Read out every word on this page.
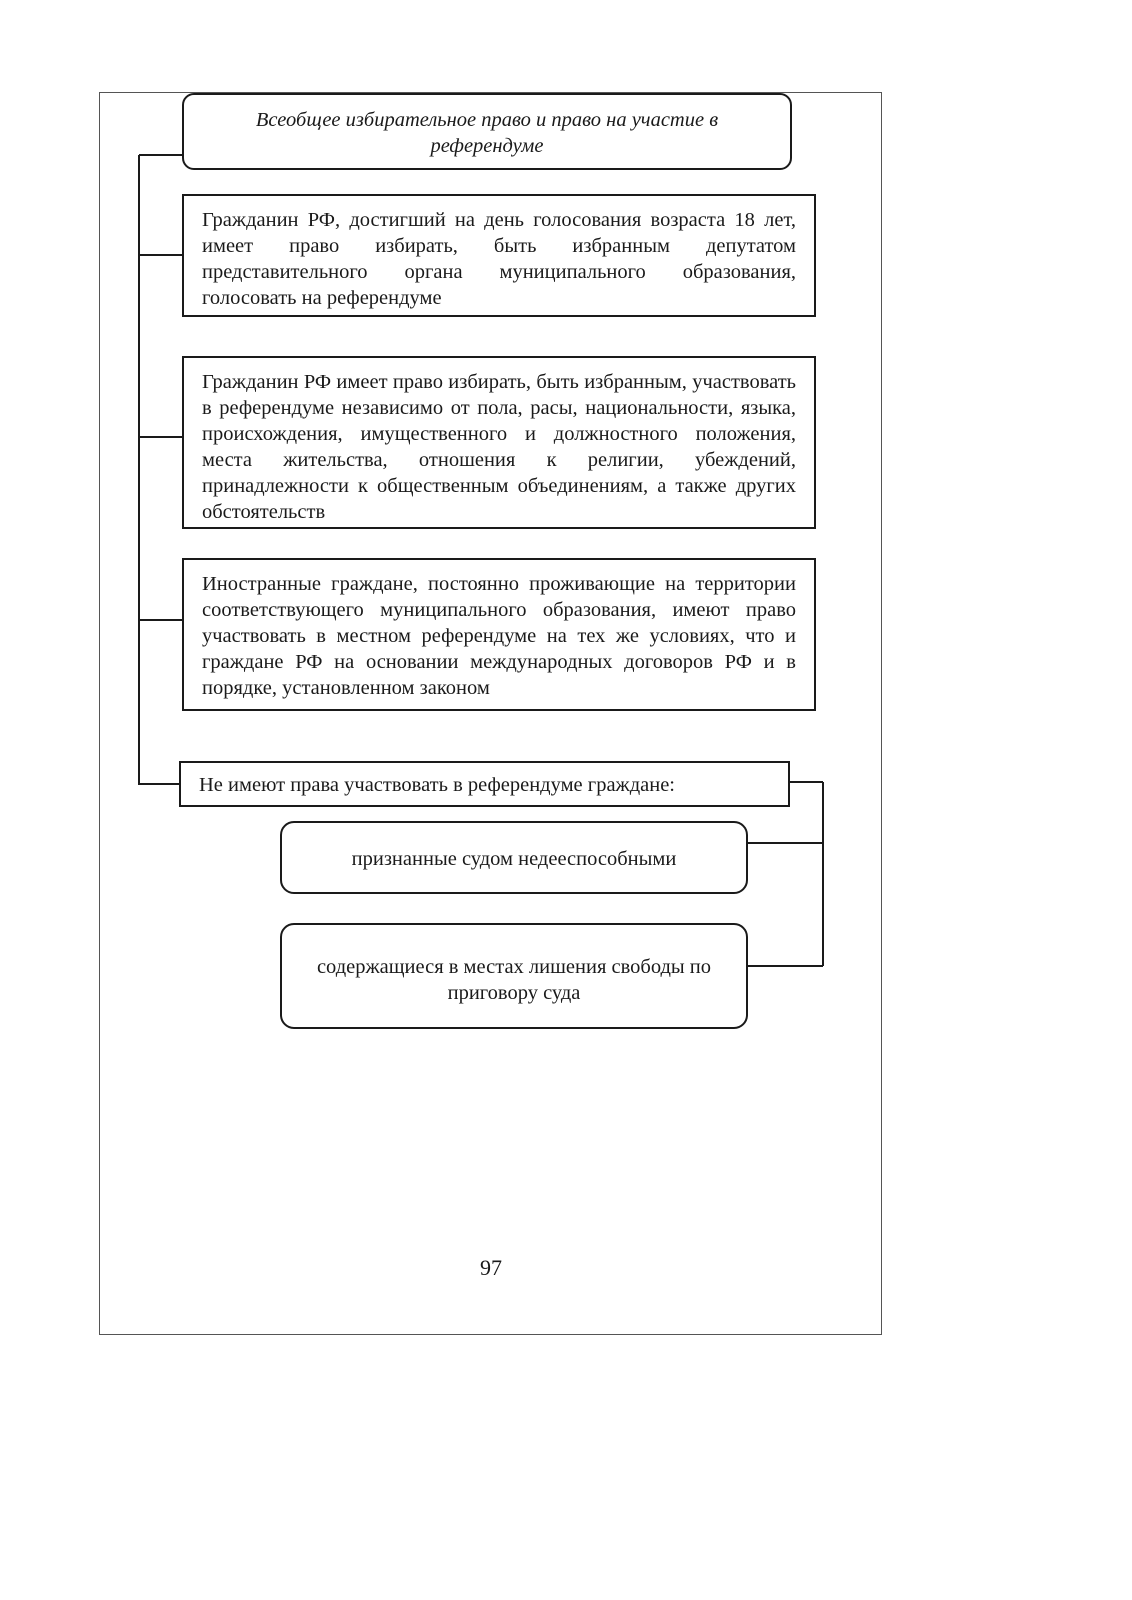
Всеобщее избирательное право и право на участие в референдуме
Гражданин РФ, достигший на день голосования возраста 18 лет, имеет право избирать, быть избранным депутатом представительного органа муниципального образования, голосовать на референдуме
Гражданин РФ имеет право избирать, быть избранным, участвовать в референдуме независимо от пола, расы, национальности, языка, происхождения, имущественного и должностного положения, места жительства, отношения к религии, убеждений, принадлежности к общественным объединениям, а также других обстоятельств
Иностранные граждане, постоянно проживающие на территории соответствующего муниципального образования, имеют право участвовать в местном референдуме на тех же условиях, что и граждане РФ на основании международных договоров РФ и в порядке, установленном законом
Не имеют права участвовать в референдуме граждане:
признанные судом недееспособными
содержащиеся в местах лишения свободы по приговору суда
97
